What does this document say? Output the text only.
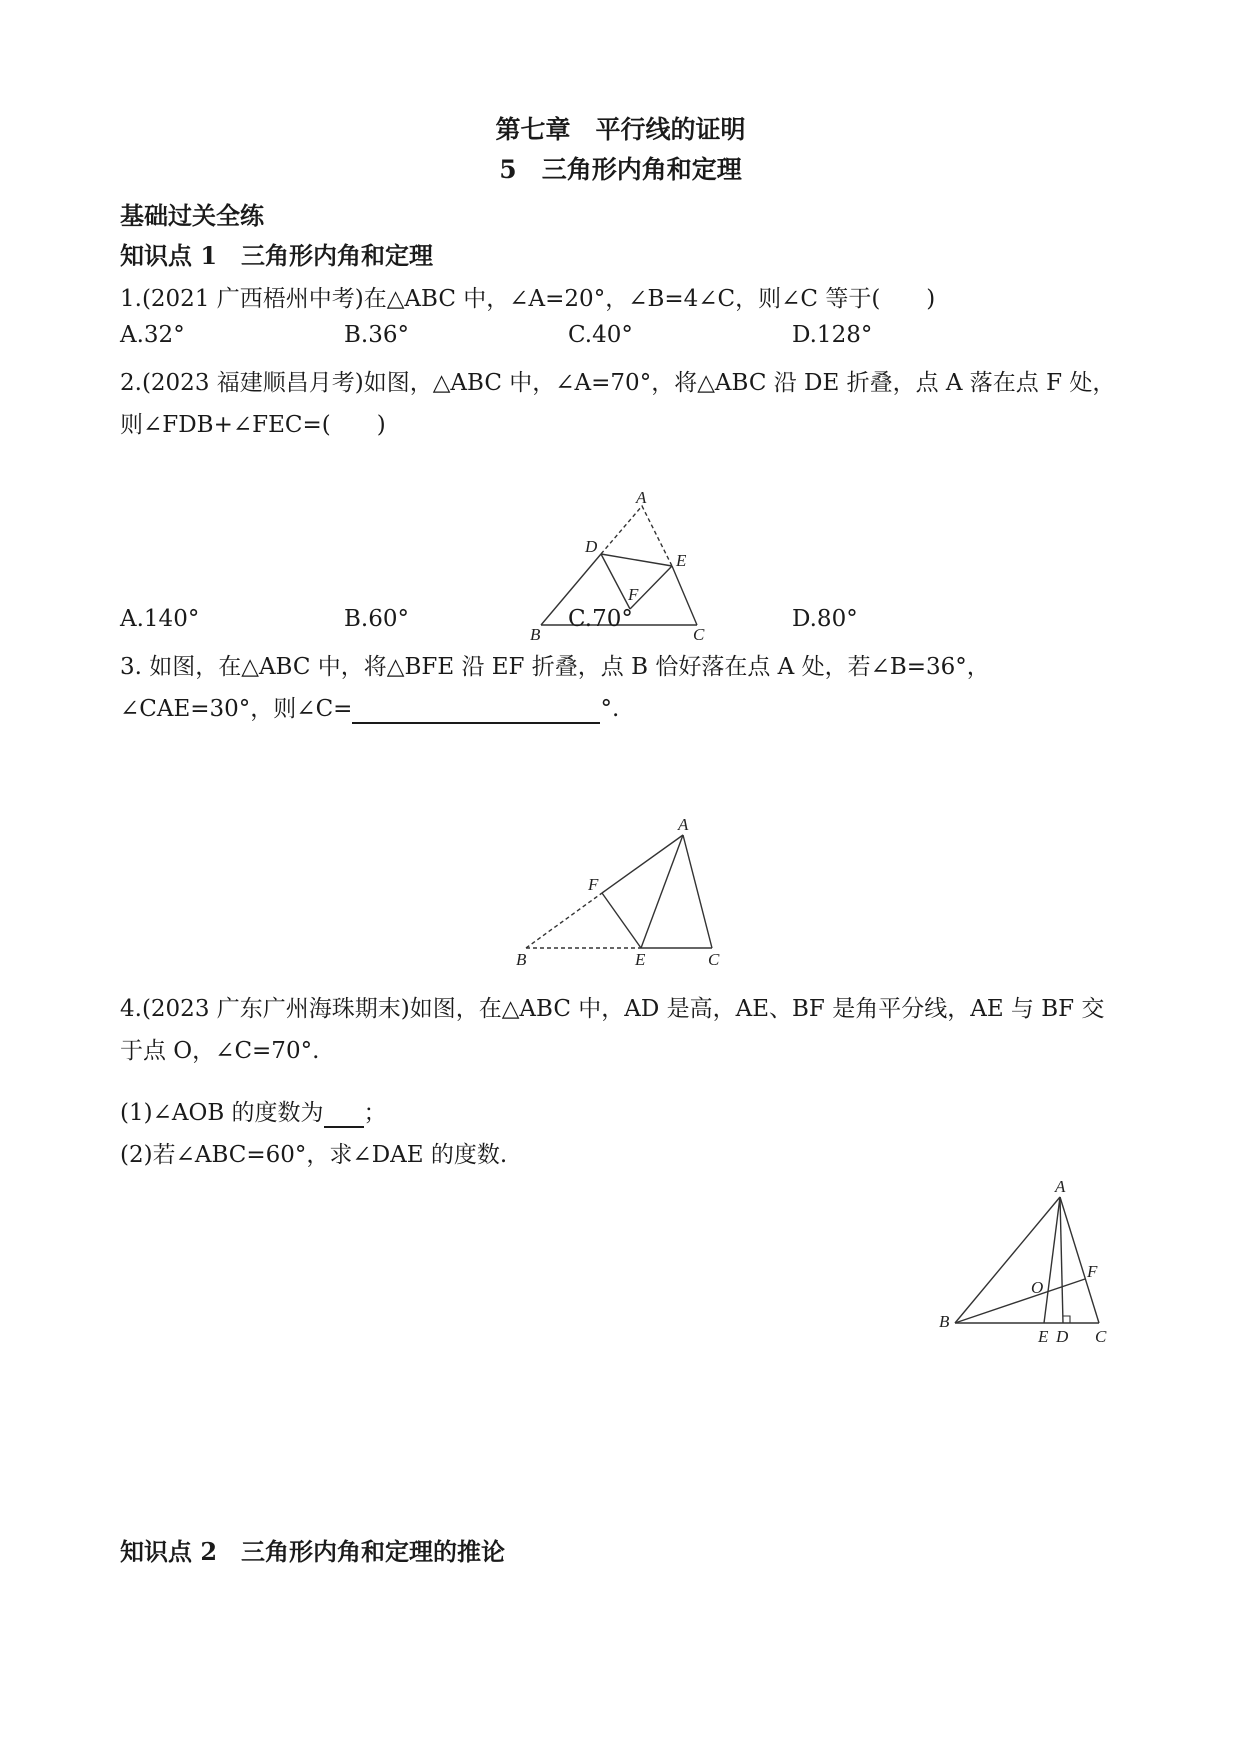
第七章　平行线的证明
5　三角形内角和定理
基础过关全练
知识点 1　三角形内角和定理
1.(2021 广西梧州中考)在△ABC 中，∠A=20°，∠B=4∠C，则∠C 等于(　　)
A.32°	B.36°	C.40°	D.128°
2.(2023 福建顺昌月考)如图，△ABC 中，∠A=70°，将△ABC 沿 DE 折叠，点 A 落在点 F 处，
则∠FDB+∠FEC=(　　)
A
D
E
F
B	C
A.140°	B.60°	C.70°	D.80°
3. 如图，在△ABC 中，将△BFE 沿 EF 折叠，点 B 恰好落在点 A 处，若∠B=36°，
∠CAE=30°，则∠C=	°.
A
F
B	E	C
4.(2023 广东广州海珠期末)如图，在△ABC 中，AD 是高，AE、BF 是角平分线，AE 与 BF 交
于点 O，∠C=70°.
(1)∠AOB 的度数为 ；
(2)若∠ABC=60°，求∠DAE 的度数.
A
F
O
B
E D C
知识点 2　三角形内角和定理的推论
